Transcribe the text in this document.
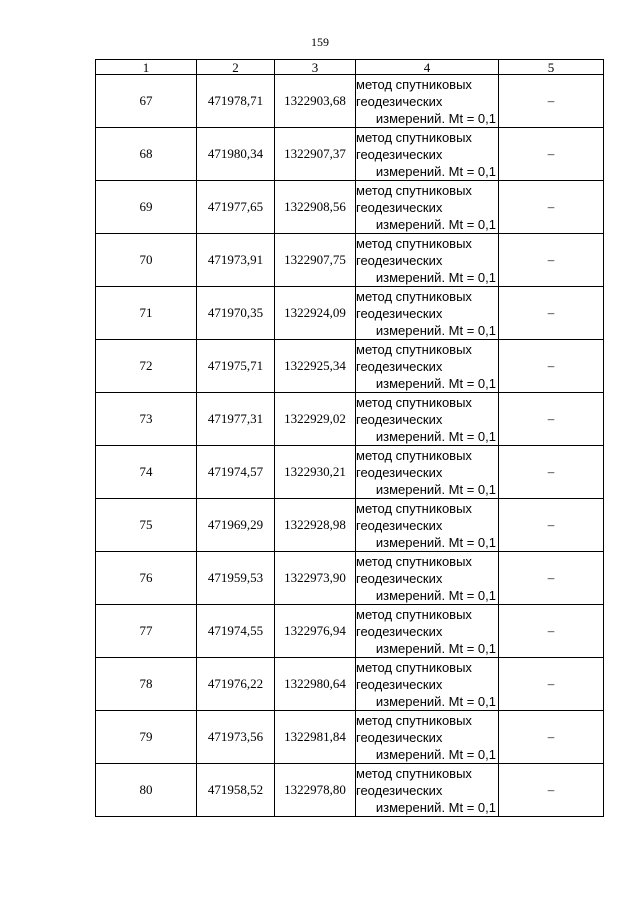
159
1	2	3	4	5
67	471978,71	1322903,68	метод спутниковых
геодезических
измерений. Mt = 0,1	–
68	471980,34	1322907,37	метод спутниковых
геодезических
измерений. Mt = 0,1	–
69	471977,65	1322908,56	метод спутниковых
геодезических
измерений. Mt = 0,1	–
70	471973,91	1322907,75	метод спутниковых
геодезических
измерений. Mt = 0,1	–
71	471970,35	1322924,09	метод спутниковых
геодезических
измерений. Mt = 0,1	–
72	471975,71	1322925,34	метод спутниковых
геодезических
измерений. Mt = 0,1	–
73	471977,31	1322929,02	метод спутниковых
геодезических
измерений. Mt = 0,1	–
74	471974,57	1322930,21	метод спутниковых
геодезических
измерений. Mt = 0,1	–
75	471969,29	1322928,98	метод спутниковых
геодезических
измерений. Mt = 0,1	–
76	471959,53	1322973,90	метод спутниковых
геодезических
измерений. Mt = 0,1	–
77	471974,55	1322976,94	метод спутниковых
геодезических
измерений. Mt = 0,1	–
78	471976,22	1322980,64	метод спутниковых
геодезических
измерений. Mt = 0,1	–
79	471973,56	1322981,84	метод спутниковых
геодезических
измерений. Mt = 0,1	–
80	471958,52	1322978,80	метод спутниковых
геодезических
измерений. Mt = 0,1	–
